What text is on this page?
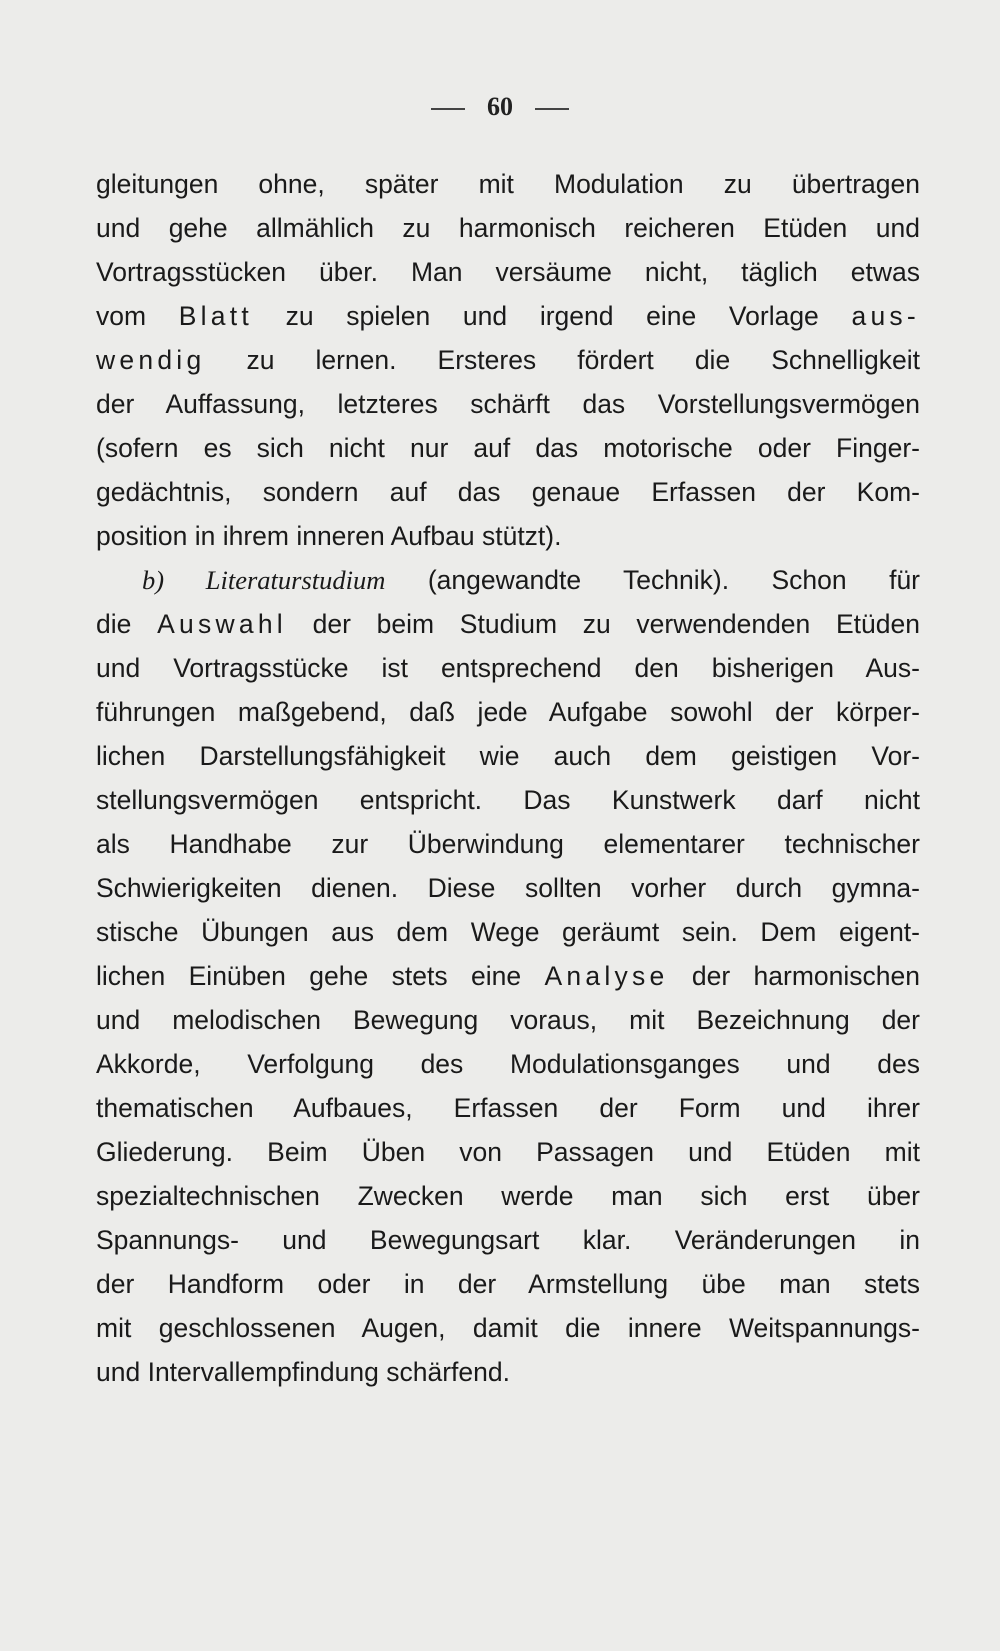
60
gleitungen ohne, später mit Modulation zu übertragen
und gehe allmählich zu harmonisch reicheren Etüden und
Vortragsstücken über. Man versäume nicht, täglich etwas
vom Blatt zu spielen und irgend eine Vorlage aus-
wendig zu lernen. Ersteres fördert die Schnelligkeit
der Auffassung, letzteres schärft das Vorstellungsvermögen
(sofern es sich nicht nur auf das motorische oder Finger-
gedächtnis, sondern auf das genaue Erfassen der Kom-
position in ihrem inneren Aufbau stützt).
b) Literaturstudium (angewandte Technik). Schon für
die Auswahl der beim Studium zu verwendenden Etüden
und Vortragsstücke ist entsprechend den bisherigen Aus-
führungen maßgebend, daß jede Aufgabe sowohl der körper-
lichen Darstellungsfähigkeit wie auch dem geistigen Vor-
stellungsvermögen entspricht. Das Kunstwerk darf nicht
als Handhabe zur Überwindung elementarer technischer
Schwierigkeiten dienen. Diese sollten vorher durch gymna-
stische Übungen aus dem Wege geräumt sein. Dem eigent-
lichen Einüben gehe stets eine Analyse der harmonischen
und melodischen Bewegung voraus, mit Bezeichnung der
Akkorde, Verfolgung des Modulationsganges und des
thematischen Aufbaues, Erfassen der Form und ihrer
Gliederung. Beim Üben von Passagen und Etüden mit
spezialtechnischen Zwecken werde man sich erst über
Spannungs- und Bewegungsart klar. Veränderungen in
der Handform oder in der Armstellung übe man stets
mit geschlossenen Augen, damit die innere Weitspannungs-
und Intervallempfindung schärfend.
